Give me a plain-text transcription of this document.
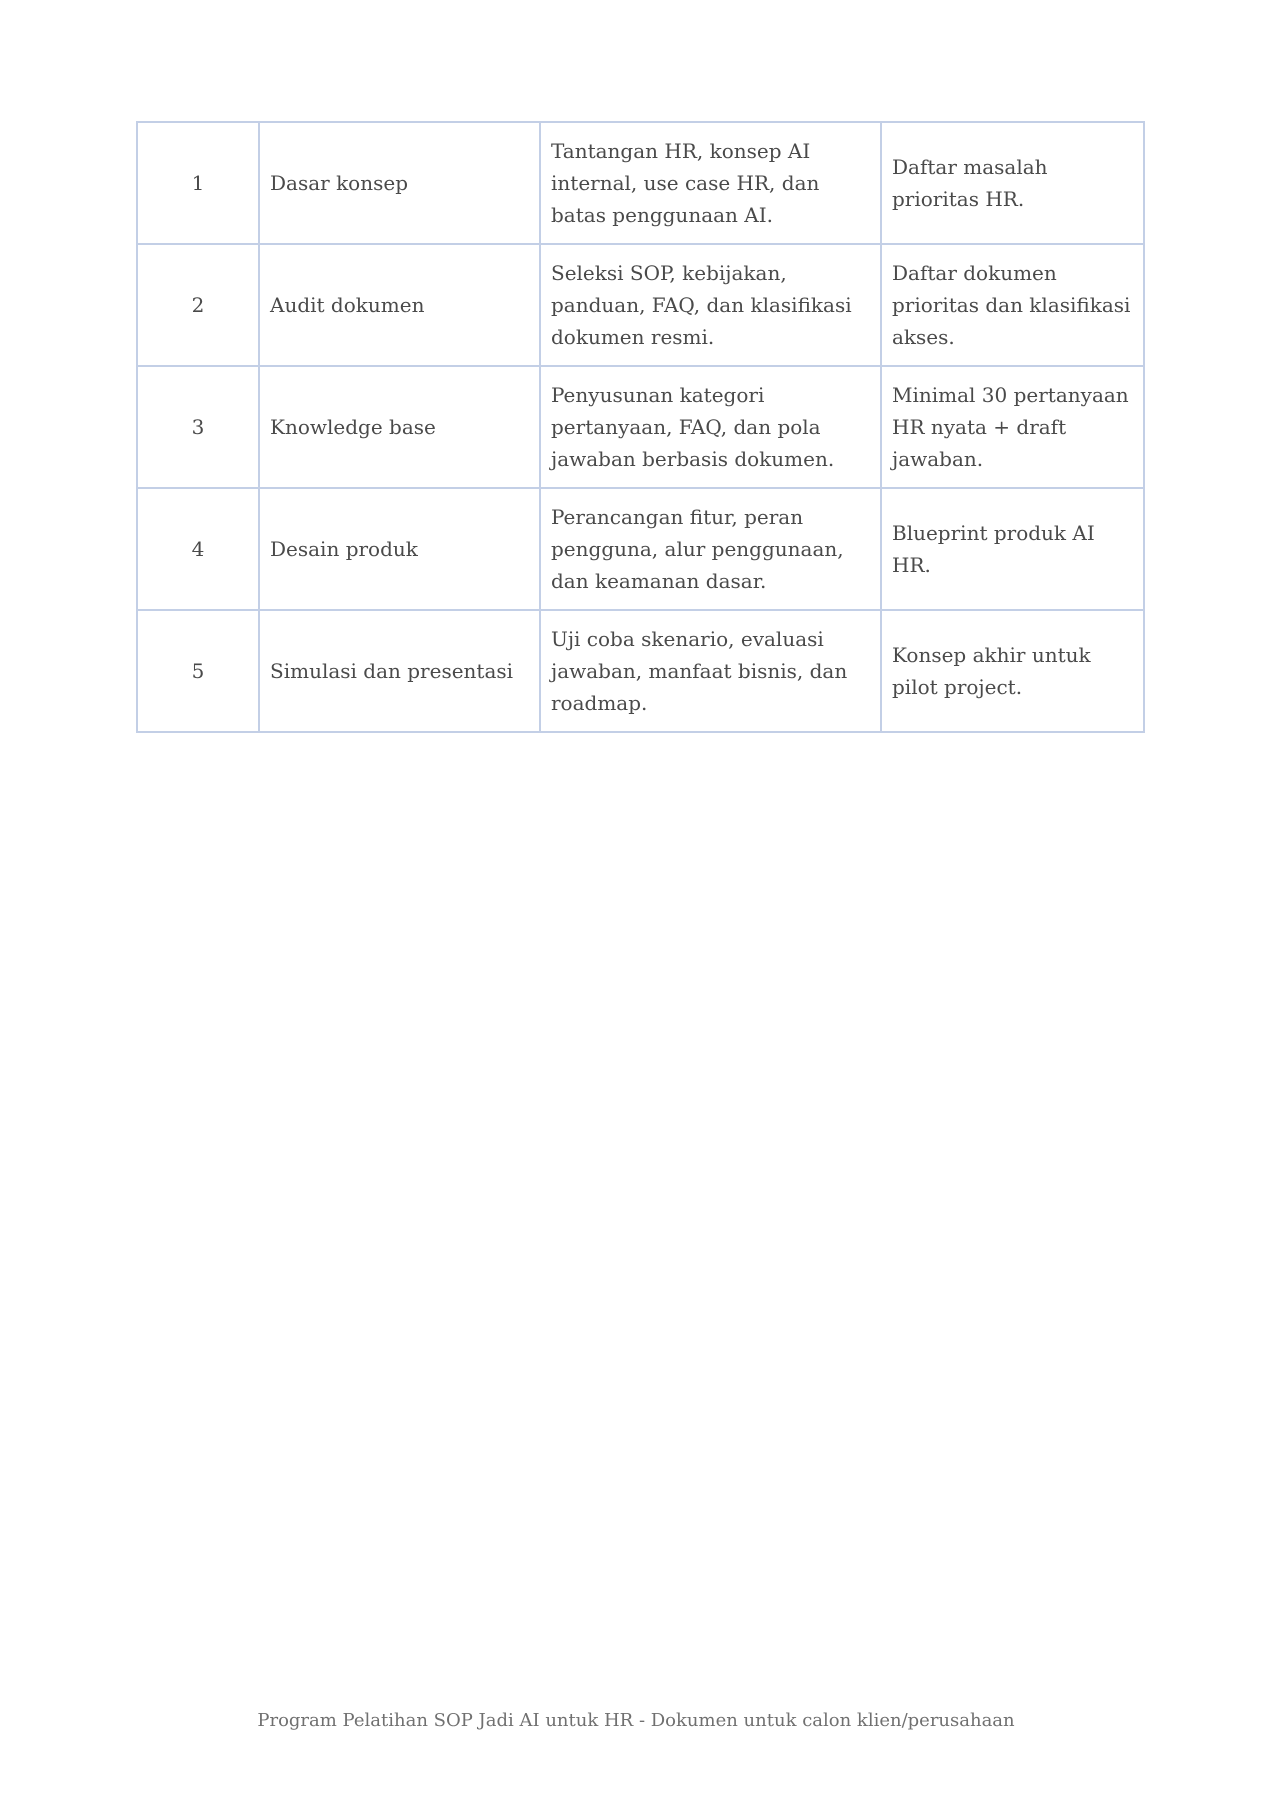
1	Dasar konsep	Tantangan HR, konsep AI internal, use case HR, dan batas penggunaan AI.	Daftar masalah prioritas HR.
2	Audit dokumen	Seleksi SOP, kebijakan, panduan, FAQ, dan klasifikasi dokumen resmi.	Daftar dokumen prioritas dan klasifikasi akses.
3	Knowledge base	Penyusunan kategori pertanyaan, FAQ, dan pola jawaban berbasis dokumen.	Minimal 30 pertanyaan HR nyata + draft jawaban.
4	Desain produk	Perancangan fitur, peran pengguna, alur penggunaan, dan keamanan dasar.	Blueprint produk AI HR.
5	Simulasi dan presentasi	Uji coba skenario, evaluasi jawaban, manfaat bisnis, dan roadmap.	Konsep akhir untuk pilot project.
Program Pelatihan SOP Jadi AI untuk HR - Dokumen untuk calon klien/perusahaan
